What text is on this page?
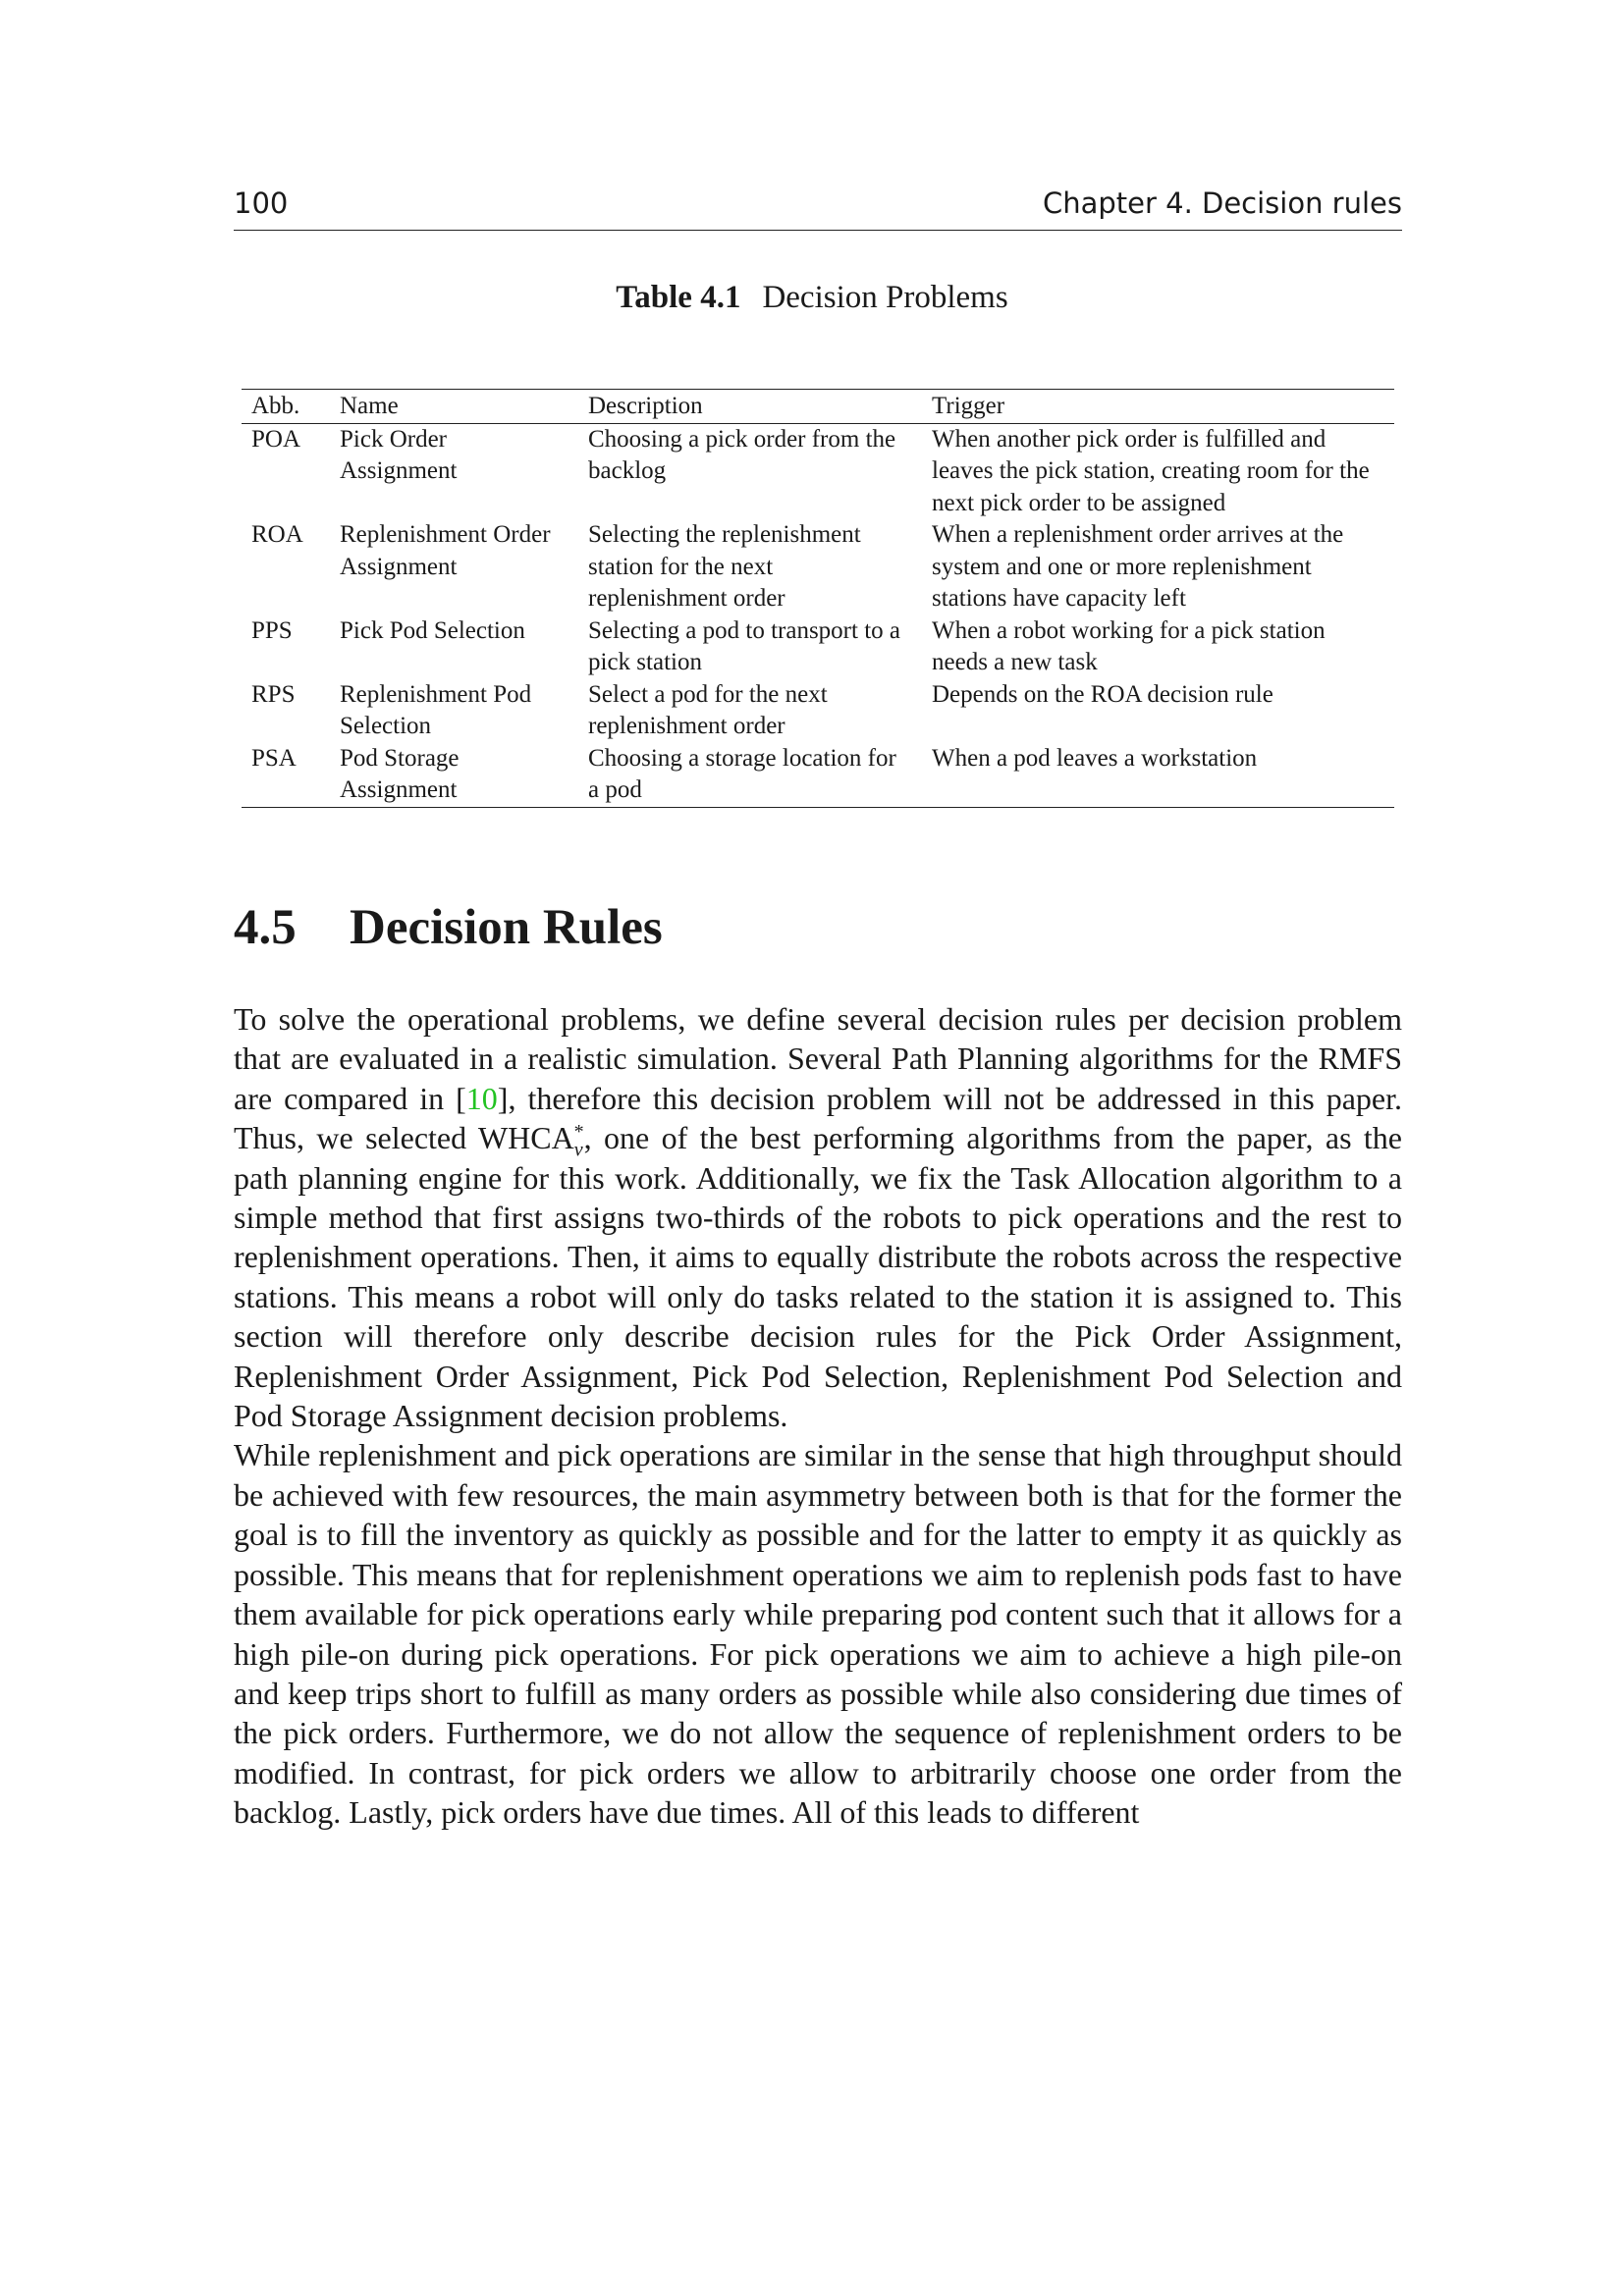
100	Chapter 4. Decision rules
Table 4.1 Decision Problems
Abb.	Name	Description	Trigger
POA	Pick Order Assignment	Choosing a pick order from the backlog	When another pick order is fulfilled and leaves the pick station, creating room for the next pick order to be assigned
ROA	Replenishment Order Assignment	Selecting the replenishment station for the next replenishment order	When a replenishment order arrives at the system and one or more replenishment stations have capacity left
PPS	Pick Pod Selection	Selecting a pod to transport to a pick station	When a robot working for a pick station needs a new task
RPS	Replenishment Pod Selection	Select a pod for the next replenishment order	Depends on the ROA decision rule
PSA	Pod Storage Assignment	Choosing a storage location for a pod	When a pod leaves a workstation
4.5 Decision Rules

To solve the operational problems, we define several decision rules per decision problem that are evaluated in a realistic simulation. Several Path Planning algorithms for the RMFS are compared in [10], therefore this decision problem will not be addressed in this paper. Thus, we selected $WHCA_v^*$, one of the best performing algorithms from the paper, as the path planning engine for this work. Additionally, we fix the Task Allocation algorithm to a simple method that first assigns two-thirds of the robots to pick operations and the rest to replenishment operations. Then, it aims to equally distribute the robots across the respective stations. This means a robot will only do tasks related to the station it is assigned to. This section will therefore only describe decision rules for the Pick Order Assignment, Replenishment Order Assignment, Pick Pod Selection, Replenishment Pod Selection and Pod Storage Assignment decision problems.

While replenishment and pick operations are similar in the sense that high throughput should be achieved with few resources, the main asymmetry between both is that for the former the goal is to fill the inventory as quickly as possible and for the latter to empty it as quickly as possible. This means that for replenishment operations we aim to replenish pods fast to have them available for pick operations early while preparing pod content such that it allows for a high pile-on during pick operations. For pick operations we aim to achieve a high pile-on and keep trips short to fulfill as many orders as possible while also considering due times of the pick orders. Furthermore, we do not allow the sequence of replenishment orders to be modified. In contrast, for pick orders we allow to arbitrarily choose one order from the backlog. Lastly, pick orders have due times. All of this leads to different
